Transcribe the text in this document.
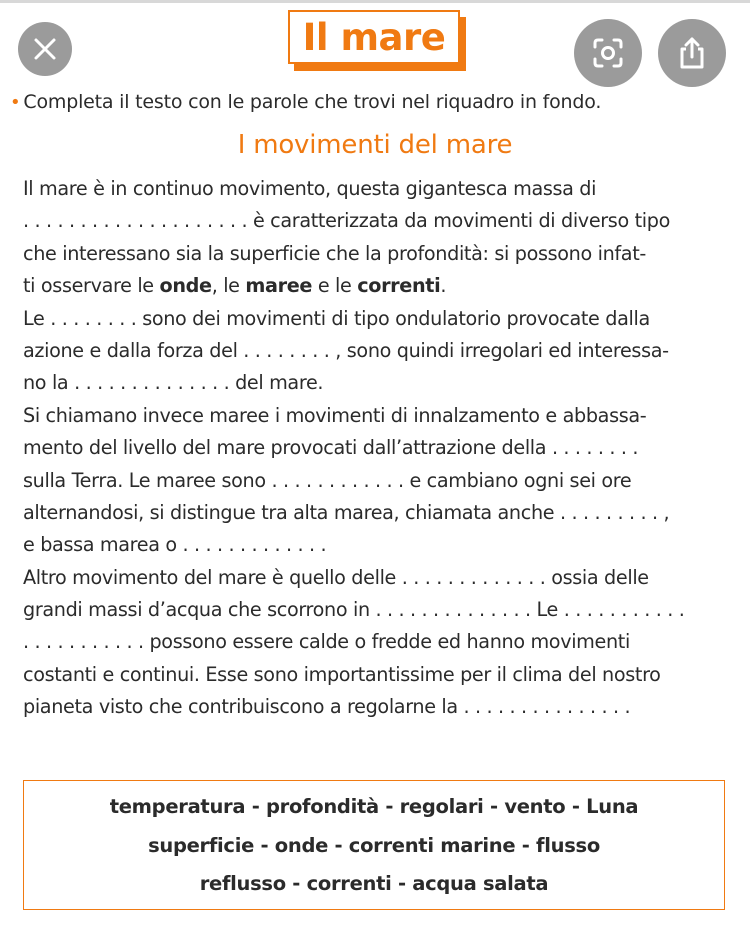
Il mare
• Completa il testo con le parole che trovi nel riquadro in fondo.
I movimenti del mare
Il mare è in continuo movimento, questa gigantesca massa di
. . . . . . . . . . . . . . . . . . . . è caratterizzata da movimenti di diverso tipo
che interessano sia la superficie che la profondità: si possono infat-
ti osservare le onde, le maree e le correnti.
Le . . . . . . . . sono dei movimenti di tipo ondulatorio provocate dalla
azione e dalla forza del . . . . . . . . , sono quindi irregolari ed interessa-
no la . . . . . . . . . . . . . . del mare.
Si chiamano invece maree i movimenti di innalzamento e abbassa-
mento del livello del mare provocati dall’attrazione della . . . . . . . .
sulla Terra. Le maree sono . . . . . . . . . . . . e cambiano ogni sei ore
alternandosi, si distingue tra alta marea, chiamata anche . . . . . . . . . ,
e bassa marea o . . . . . . . . . . . . .
Altro movimento del mare è quello delle . . . . . . . . . . . . . ossia delle
grandi massi d’acqua che scorrono in . . . . . . . . . . . . . . Le . . . . . . . . . . .
. . . . . . . . . . . possono essere calde o fredde ed hanno movimenti
costanti e continui. Esse sono importantissime per il clima del nostro
pianeta visto che contribuiscono a regolarne la . . . . . . . . . . . . . . .
temperatura - profondità - regolari - vento - Luna
superficie - onde - correnti marine - flusso
reflusso - correnti - acqua salata
